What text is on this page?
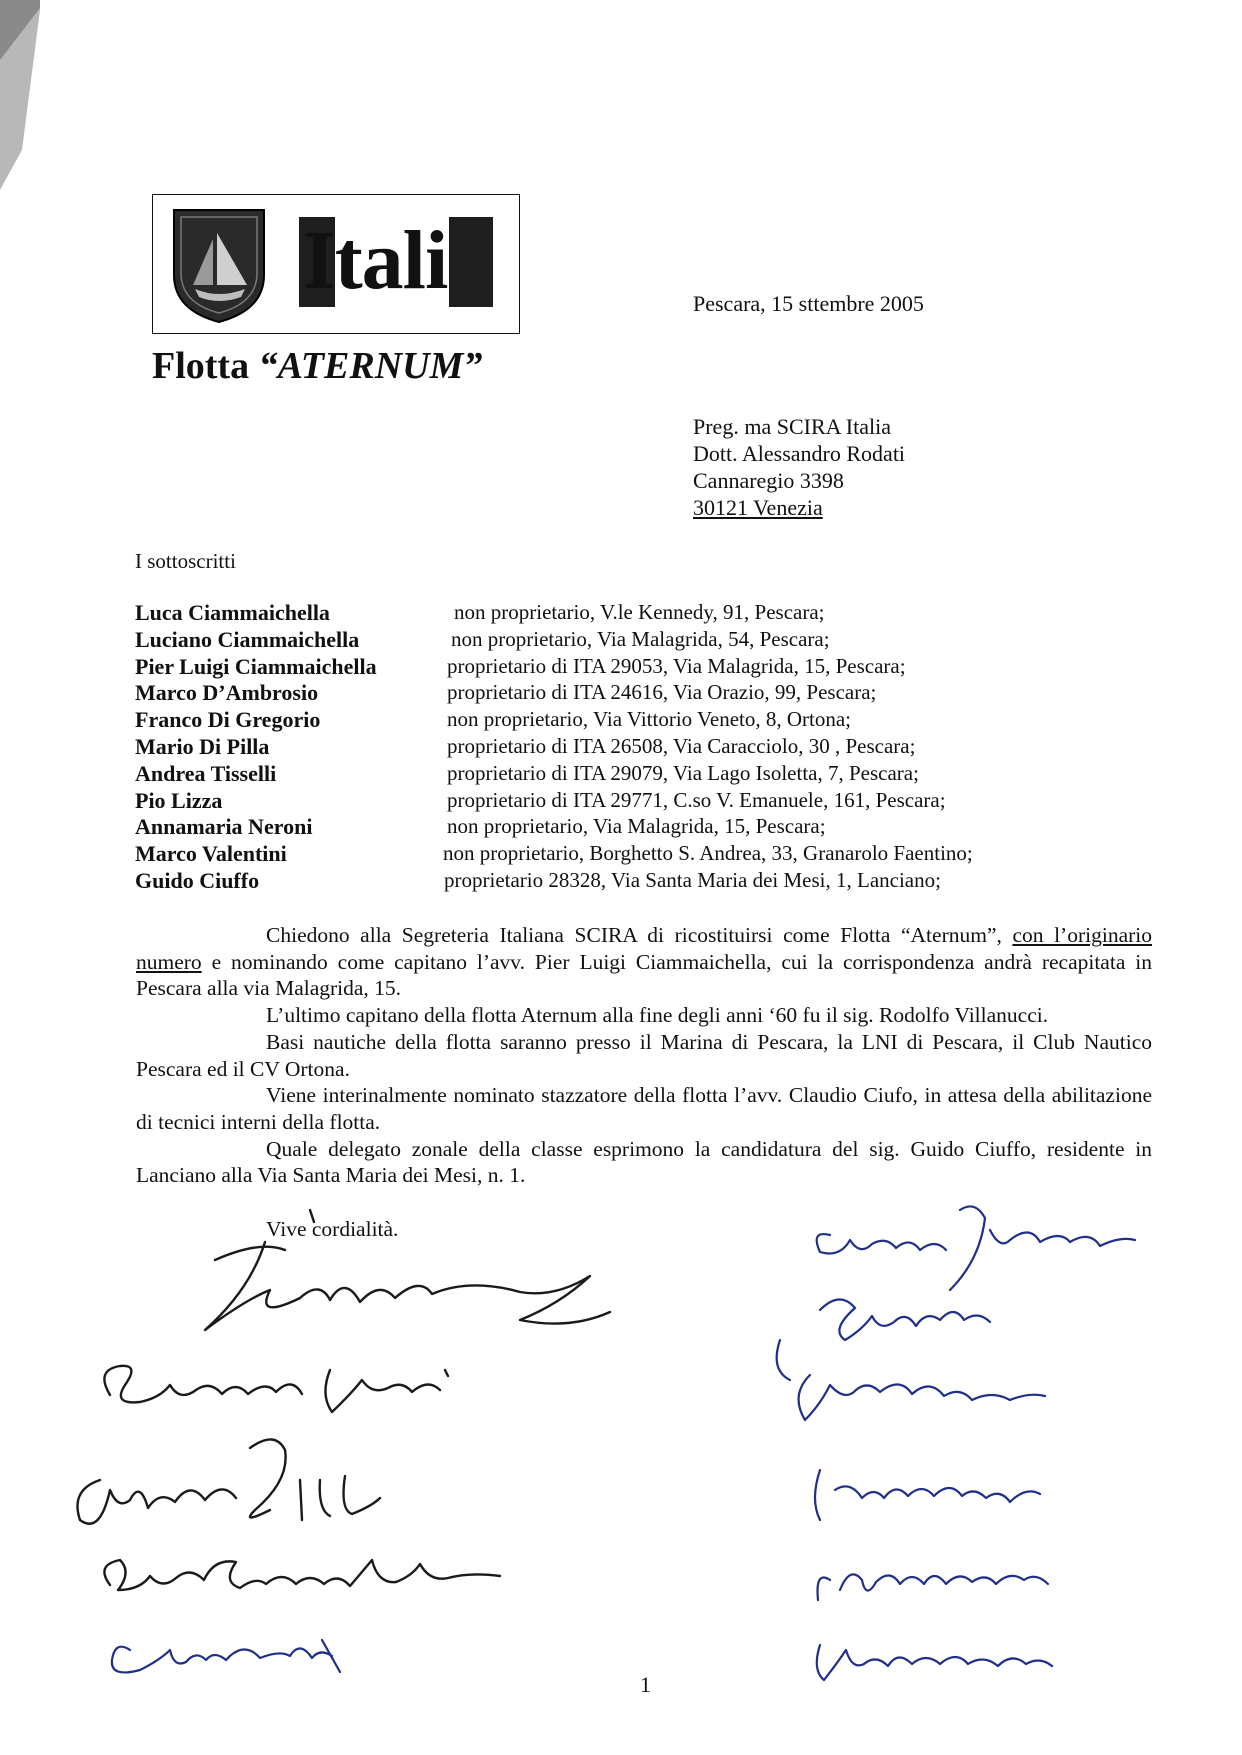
Itali
Flotta “ATERNUM”
Pescara, 15 sttembre 2005
Preg. ma SCIRA Italia
Dott. Alessandro Rodati
Cannaregio 3398
30121 Venezia
I sottoscritti
Luca Ciammaichella	non proprietario, V.le Kennedy, 91, Pescara;
Luciano Ciammaichella	non proprietario, Via Malagrida, 54, Pescara;
Pier Luigi Ciammaichella	proprietario di ITA 29053, Via Malagrida, 15, Pescara;
Marco D’Ambrosio	proprietario di ITA 24616, Via Orazio, 99, Pescara;
Franco Di Gregorio	non proprietario, Via Vittorio Veneto, 8, Ortona;
Mario Di Pilla	proprietario di ITA 26508, Via Caracciolo, 30 , Pescara;
Andrea Tisselli	proprietario di ITA 29079, Via Lago Isoletta, 7, Pescara;
Pio Lizza	proprietario di ITA 29771, C.so V. Emanuele, 161, Pescara;
Annamaria Neroni	non proprietario, Via Malagrida, 15, Pescara;
Marco Valentini	non proprietario, Borghetto S. Andrea, 33, Granarolo Faentino;
Guido Ciuffo	proprietario 28328, Via Santa Maria dei Mesi, 1, Lanciano;

Chiedono alla Segreteria Italiana SCIRA di ricostituirsi come Flotta “Aternum”, con l’originario numero e nominando come capitano l’avv. Pier Luigi Ciammaichella, cui la corrispondenza andrà recapitata in Pescara alla via Malagrida, 15.

L’ultimo capitano della flotta Aternum alla fine degli anni ‘60 fu il sig. Rodolfo Villanucci.

Basi nautiche della flotta saranno presso il Marina di Pescara, la LNI di Pescara, il Club Nautico Pescara ed il CV Ortona.

Viene interinalmente nominato stazzatore della flotta l’avv. Claudio Ciufo, in attesa della abilitazione di tecnici interni della flotta.

Quale delegato zonale della classe esprimono la candidatura del sig. Guido Ciuffo, residente in Lanciano alla Via Santa Maria dei Mesi, n. 1.

Vive cordialità.
1
